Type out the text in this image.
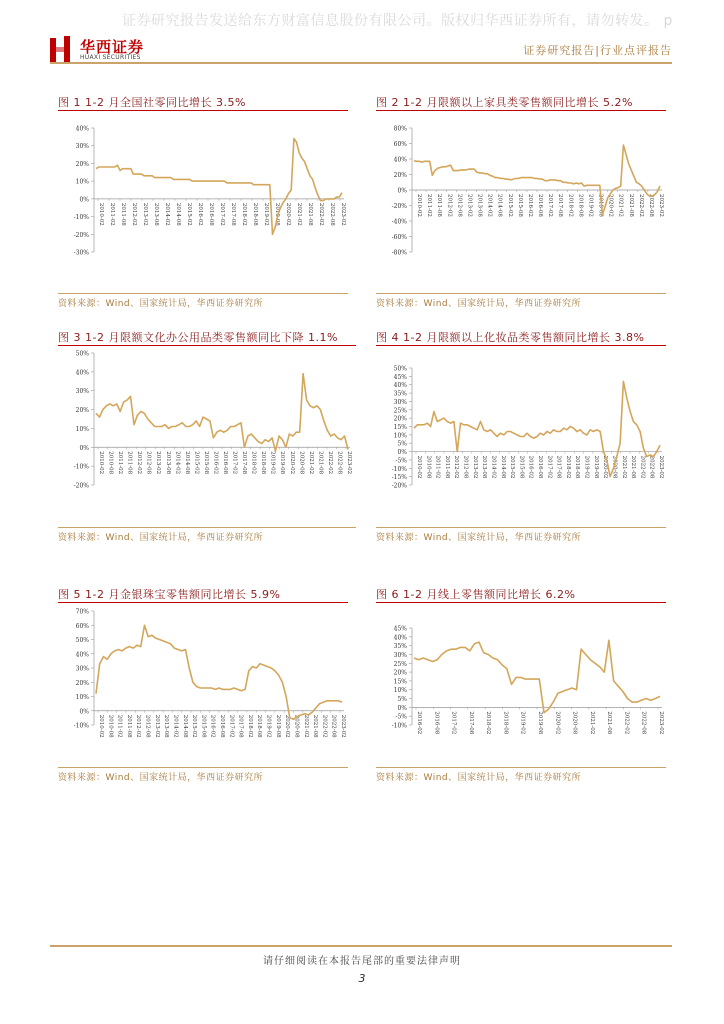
证券研究报告发送给东方财富信息股份有限公司。版权归华西证券所有，请勿转发。 p
华西证券
HUAXI SECURITIES
证券研究报告|行业点评报告
图 1 1-2 月全国社零同比增长 3.5%	图 2 1-2 月限额以上家具类零售额同比增长 5.2%
资料来源：Wind、国家统计局，华西证券研究所	资料来源：Wind、国家统计局，华西证券研究所
图 3 1-2 月限额文化办公用品类零售额同比下降 1.1%	图 4 1-2 月限额以上化妆品类零售额同比增长 3.8%
资料来源：Wind、国家统计局，华西证券研究所	资料来源：Wind、国家统计局，华西证券研究所
图 5 1-2 月金银珠宝零售额同比增长 5.9%	图 6 1-2 月线上零售额同比增长 6.2%
资料来源：Wind、国家统计局，华西证券研究所	资料来源：Wind、国家统计局，华西证券研究所
40%
30%
20%
10%
0%
-10%
-20%
-30%
2010-02 2011-02 2011-08 2012-02 2013-02 2013-08 2014-02 2014-08 2015-02 2016-02 2016-08 2017-02 2017-08 2018-02 2018-08 2019-02 2019-08 2020-02 2021-02 2021-08 2022-02 2022-08 2023-02
80%
60%
40%
20%
0%
-20%
-40%
-60%
-80%
2010-02 2011-02 2011-08 2012-02 2012-08 2013-02 2013-08 2014-02 2014-08 2015-02 2015-08 2016-02 2016-08 2017-02 2017-08 2018-02 2018-08 2019-02 2019-08 2020-02 2021-02 2021-08 2022-02 2022-08 2023-02
50%
40%
30%
20%
10%
0%
-10%
-20%
2010-02 2010-08 2011-02 2011-08 2012-02 2012-08 2013-02 2013-08 2014-02 2014-08 2015-02 2015-08 2016-02 2016-08 2017-02 2017-08 2018-02 2018-08 2019-02 2019-08 2020-02 2020-08 2021-02 2021-08 2022-02 2022-08 2023-02
50%
45%
40%
35%
30%
25%
20%
15%
10%
5%
0%
-5%
-10%
-15%
-20%
2010-02 2010-08 2011-02 2011-08 2012-02 2012-08 2013-02 2013-08 2014-02 2014-08 2015-02 2015-08 2016-02 2016-08 2017-02 2017-08 2018-02 2018-08 2019-02 2019-08 2020-02 2020-08 2021-02 2021-08 2022-02 2022-08 2023-02
70%
60%
50%
40%
30%
20%
10%
0%
-10% 2010-02 2010-08 2011-02 2011-08 2012-02 2012-08 2013-02 2013-08 2014-02 2014-08 2015-02 2015-08 2016-02 2016-08 2017-02 2017-08 2018-02 2018-08 2019-02 2019-08 2020-02 2020-08 2021-02 2021-08 2022-02 2022-08 2023-02
45%
40%
35%
30%
25%
20%
15%
10%
5%
0%
-5%
-10% 2016-02 2016-08 2017-02 2017-08 2018-02 2018-08 2019-02 2019-08 2020-02 2020-08 2021-02 2021-08 2022-02 2022-08 2023-02
请仔细阅读在本报告尾部的重要法律声明
3
